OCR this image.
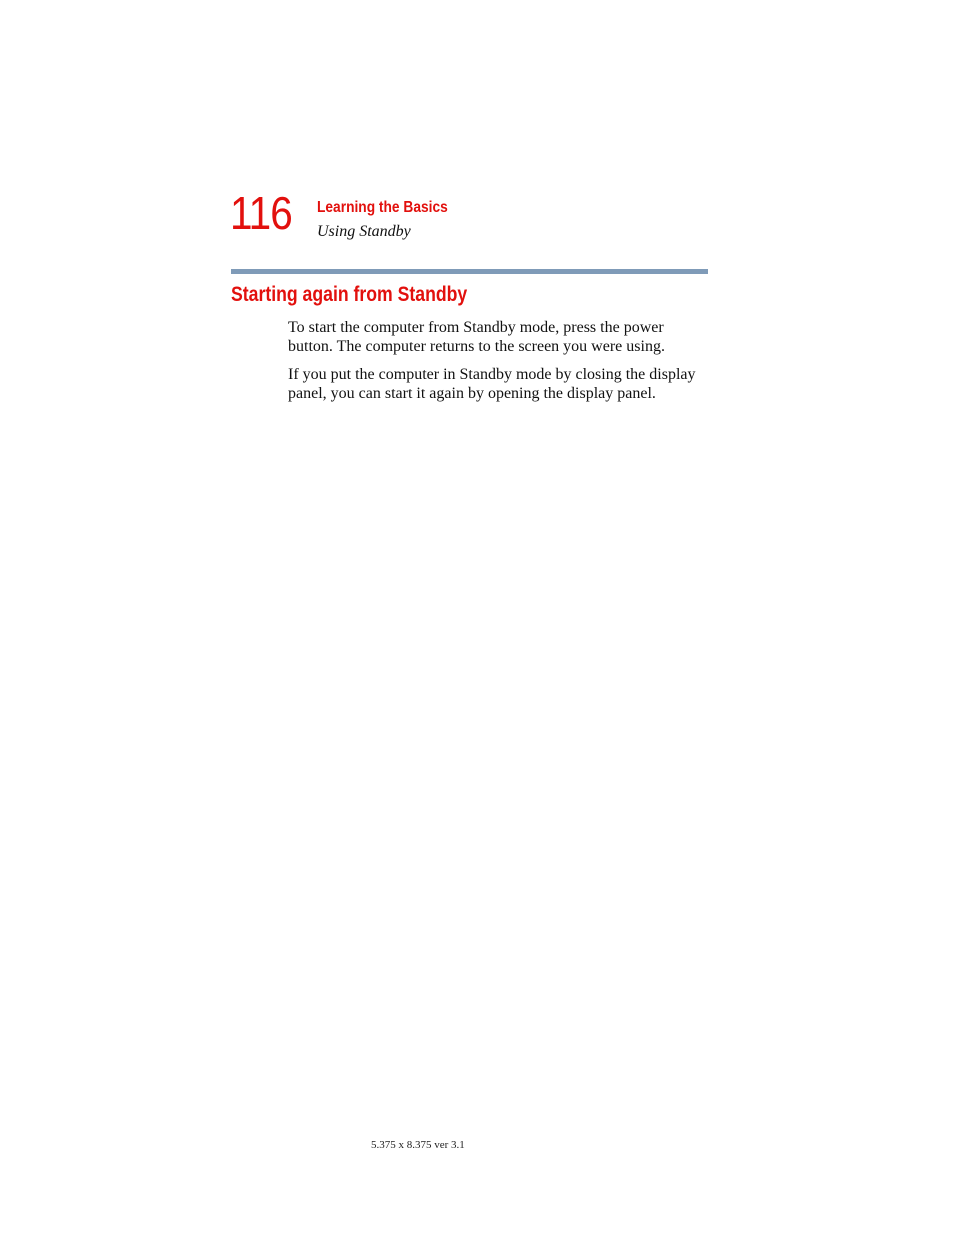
116 Learning the Basics
Using Standby
Starting again from Standby

To start the computer from Standby mode, press the power button. The computer returns to the screen you were using.

If you put the computer in Standby mode by closing the display panel, you can start it again by opening the display panel.

5.375 x 8.375 ver 3.1
